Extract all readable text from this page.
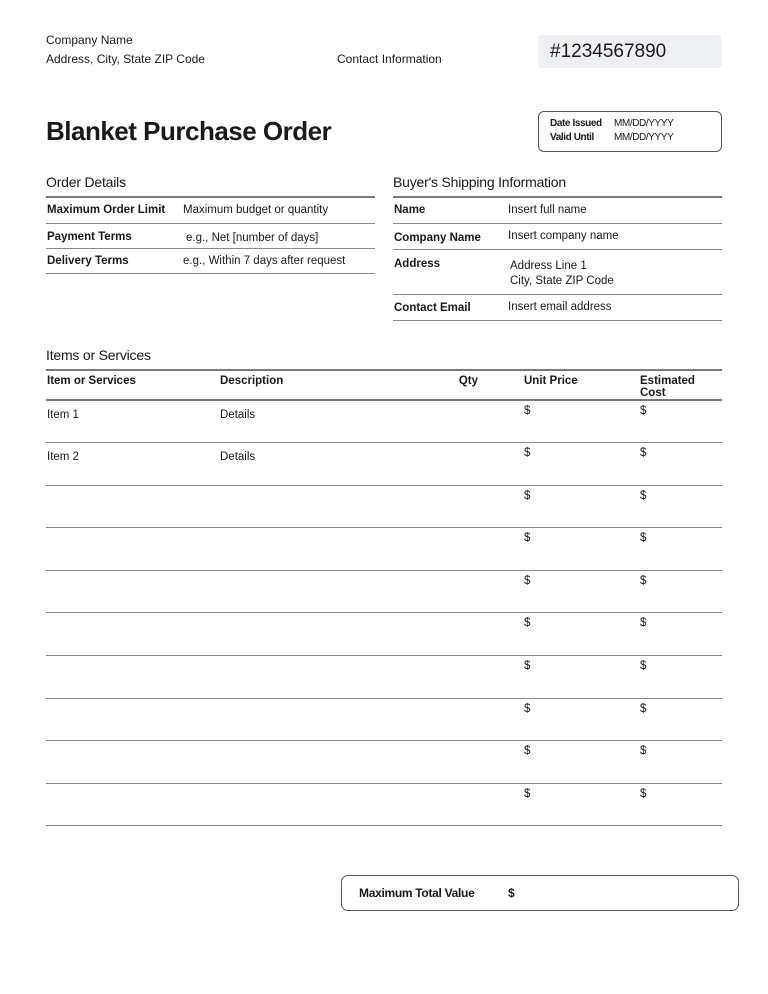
Company Name
Address, City, State ZIP Code	Contact Information	#1234567890
Blanket Purchase Order	Date Issued MM/DD/YYYY
Valid Until MM/DD/YYYY
Order Details
Maximum Order Limit	Maximum budget or quantity
Payment Terms	e.g., Net [number of days]
Delivery Terms	e.g., Within 7 days after request
Buyer's Shipping Information
Name	Insert full name
Company Name	Insert company name
Address	Address Line 1
City, State ZIP Code

Contact Email	Insert email address
Items or Services
Item or Services	Description	Qty	Unit Price	Estimated Cost
Item 1	Details		$	$
Item 2	Details		$	$
			$	$
			$	$
			$	$
			$	$
			$	$
			$	$
			$	$
			$	$
Maximum Total Value	$
